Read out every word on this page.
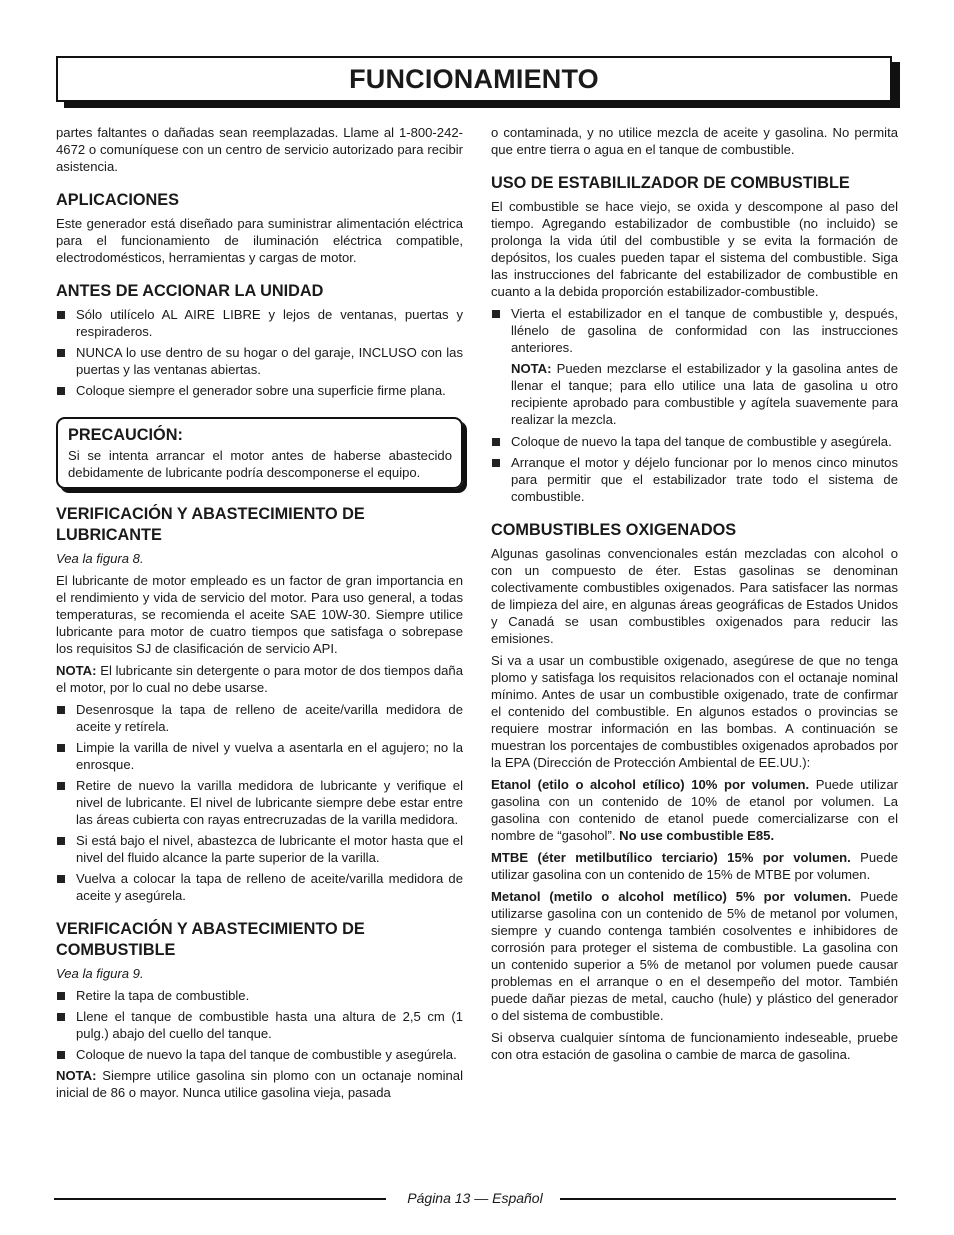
FUNCIONAMIENTO

partes faltantes o dañadas sean reemplazadas. Llame al 1-800-242-4672 o comuníquese con un centro de servicio autorizado para recibir asistencia.

APLICACIONES

Este generador está diseñado para suministrar alimentación eléctrica para el funcionamiento de iluminación eléctrica compatible, electrodomésticos, herramientas y cargas de motor.

ANTES DE ACCIONAR LA UNIDAD
Sólo utilícelo AL AIRE LIBRE y lejos de ventanas, puertas y respiraderos.
NUNCA lo use dentro de su hogar o del garaje, INCLUSO con las puertas y las ventanas abiertas.
Coloque siempre el generador sobre una superficie firme plana.
PRECAUCIÓN:

Si se intenta arrancar el motor antes de haberse abastecido debidamente de lubricante podría descomponerse el equipo.

VERIFICACIÓN Y ABASTECIMIENTO DE LUBRICANTE

Vea la figura 8.

El lubricante de motor empleado es un factor de gran importancia en el rendimiento y vida de servicio del motor. Para uso general, a todas temperaturas, se recomienda el aceite SAE 10W-30. Siempre utilice lubricante para motor de cuatro tiempos que satisfaga o sobrepase los requisitos SJ de clasificación de servicio API.

NOTA: El lubricante sin detergente o para motor de dos tiempos daña el motor, por lo cual no debe usarse.

Desenrosque la tapa de relleno de aceite/varilla medidora de aceite y retírela.
Limpie la varilla de nivel y vuelva a asentarla en el agujero; no la enrosque.
Retire de nuevo la varilla medidora de lubricante y verifique el nivel de lubricante. El nivel de lubricante siempre debe estar entre las áreas cubierta con rayas entrecruzadas de la varilla medidora.
Si está bajo el nivel, abastezca de lubricante el motor hasta que el nivel del fluido alcance la parte superior de la varilla.
Vuelva a colocar la tapa de relleno de aceite/varilla medidora de aceite y asegúrela.
VERIFICACIÓN Y ABASTECIMIENTO DE COMBUSTIBLE

Vea la figura 9.

Retire la tapa de combustible.
Llene el tanque de combustible hasta una altura de 2,5 cm (1 pulg.) abajo del cuello del tanque.
Coloque de nuevo la tapa del tanque de combustible y asegúrela.

NOTA: Siempre utilice gasolina sin plomo con un octanaje nominal inicial de 86 o mayor. Nunca utilice gasolina vieja, pasada

o contaminada, y no utilice mezcla de aceite y gasolina. No permita que entre tierra o agua en el tanque de combustible.

USO DE ESTABILILZADOR DE COMBUSTIBLE

El combustible se hace viejo, se oxida y descompone al paso del tiempo. Agregando estabilizador de combustible (no incluido) se prolonga la vida útil del combustible y se evita la formación de depósitos, los cuales pueden tapar el sistema del combustible. Siga las instrucciones del fabricante del estabilizador de combustible en cuanto a la debida proporción estabilizador-combustible.

Vierta el estabilizador en el tanque de combustible y, después, llénelo de gasolina de conformidad con las instrucciones anteriores.

NOTA: Pueden mezclarse el estabilizador y la gasolina antes de llenar el tanque; para ello utilice una lata de gasolina u otro recipiente aprobado para combustible y agítela suavemente para realizar la mezcla.

Coloque de nuevo la tapa del tanque de combustible y asegúrela.
Arranque el motor y déjelo funcionar por lo menos cinco minutos para permitir que el estabilizador trate todo el sistema de combustible.
COMBUSTIBLES OXIGENADOS

Algunas gasolinas convencionales están mezcladas con alcohol o con un compuesto de éter. Estas gasolinas se denominan colectivamente combustibles oxigenados. Para satisfacer las normas de limpieza del aire, en algunas áreas geográficas de Estados Unidos y Canadá se usan combustibles oxigenados para reducir las emisiones.

Si va a usar un combustible oxigenado, asegúrese de que no tenga plomo y satisfaga los requisitos relacionados con el octanaje nominal mínimo. Antes de usar un combustible oxigenado, trate de confirmar el contenido del combustible. En algunos estados o provincias se requiere mostrar información en las bombas. A continuación se muestran los porcentajes de combustibles oxigenados aprobados por la EPA (Dirección de Protección Ambiental de EE.UU.):

Etanol (etilo o alcohol etílico) 10% por volumen. Puede utilizar gasolina con un contenido de 10% de etanol por volumen. La gasolina con contenido de etanol puede comercializarse con el nombre de “gasohol”. No use combustible E85.

MTBE (éter metilbutílico terciario) 15% por volumen. Puede utilizar gasolina con un contenido de 15% de MTBE por volumen.

Metanol (metilo o alcohol metílico) 5% por volumen. Puede utilizarse gasolina con un contenido de 5% de metanol por volumen, siempre y cuando contenga también cosolventes e inhibidores de corrosión para proteger el sistema de combustible. La gasolina con un contenido superior a 5% de metanol por volumen puede causar problemas en el arranque o en el desempeño del motor. También puede dañar piezas de metal, caucho (hule) y plástico del generador o del sistema de combustible.

Si observa cualquier síntoma de funcionamiento indeseable, pruebe con otra estación de gasolina o cambie de marca de gasolina.

Página 13 — Español
